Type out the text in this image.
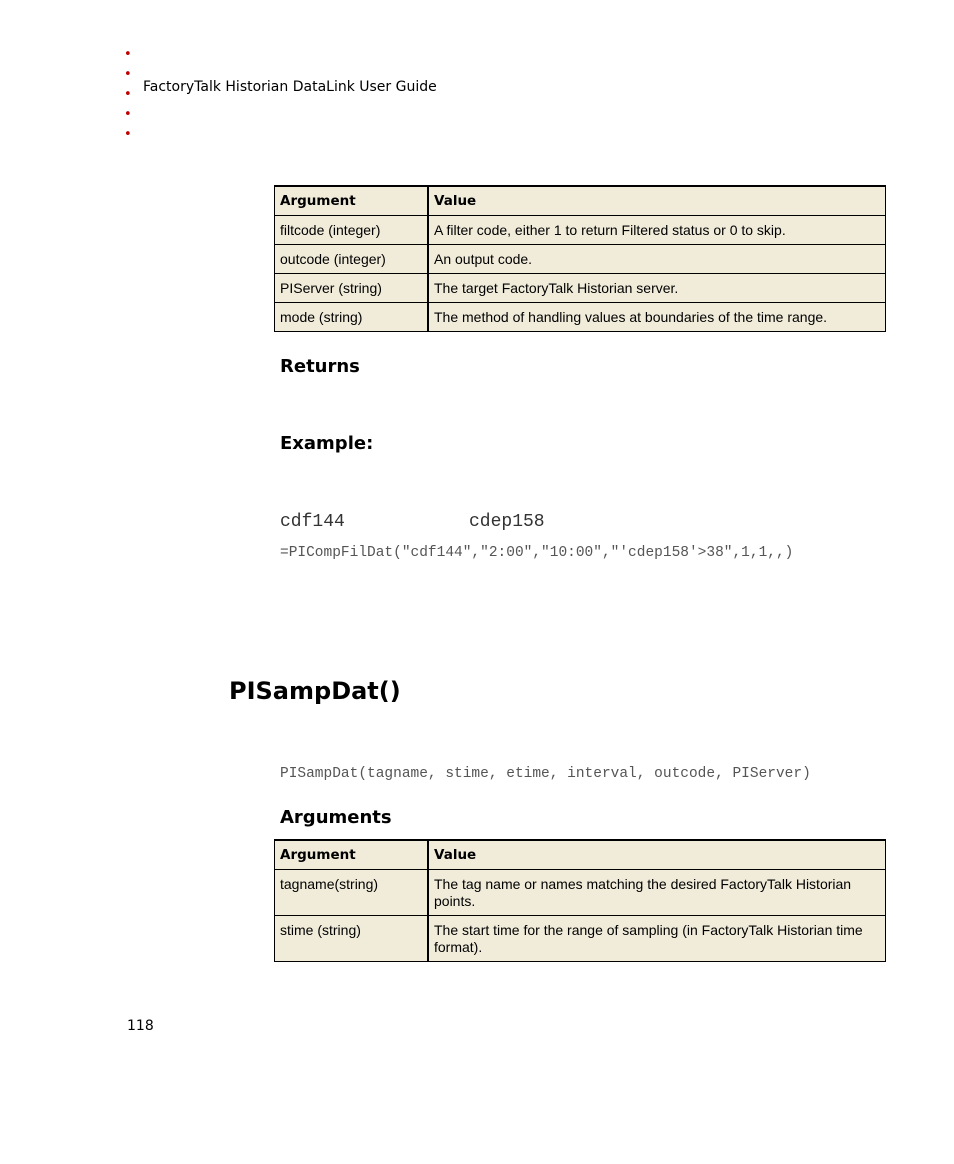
•
•
•
•
•
FactoryTalk Historian DataLink User Guide
Argument	Value
filtcode (integer)	A filter code, either 1 to return Filtered status or 0 to skip.
outcode (integer)	An output code.
PIServer (string)	The target FactoryTalk Historian server.
mode (string)	The method of handling values at boundaries of the time range.
Returns
Example:
cdf144	cdep158
=PICompFilDat("cdf144","2:00","10:00","'cdep158'>38",1,1,,)
PISampDat()
PISampDat(tagname, stime, etime, interval, outcode, PIServer)
Arguments
Argument	Value
tagname(string)	The tag name or names matching the desired FactoryTalk Historian points.
stime (string)	The start time for the range of sampling (in FactoryTalk Historian time format).
118
